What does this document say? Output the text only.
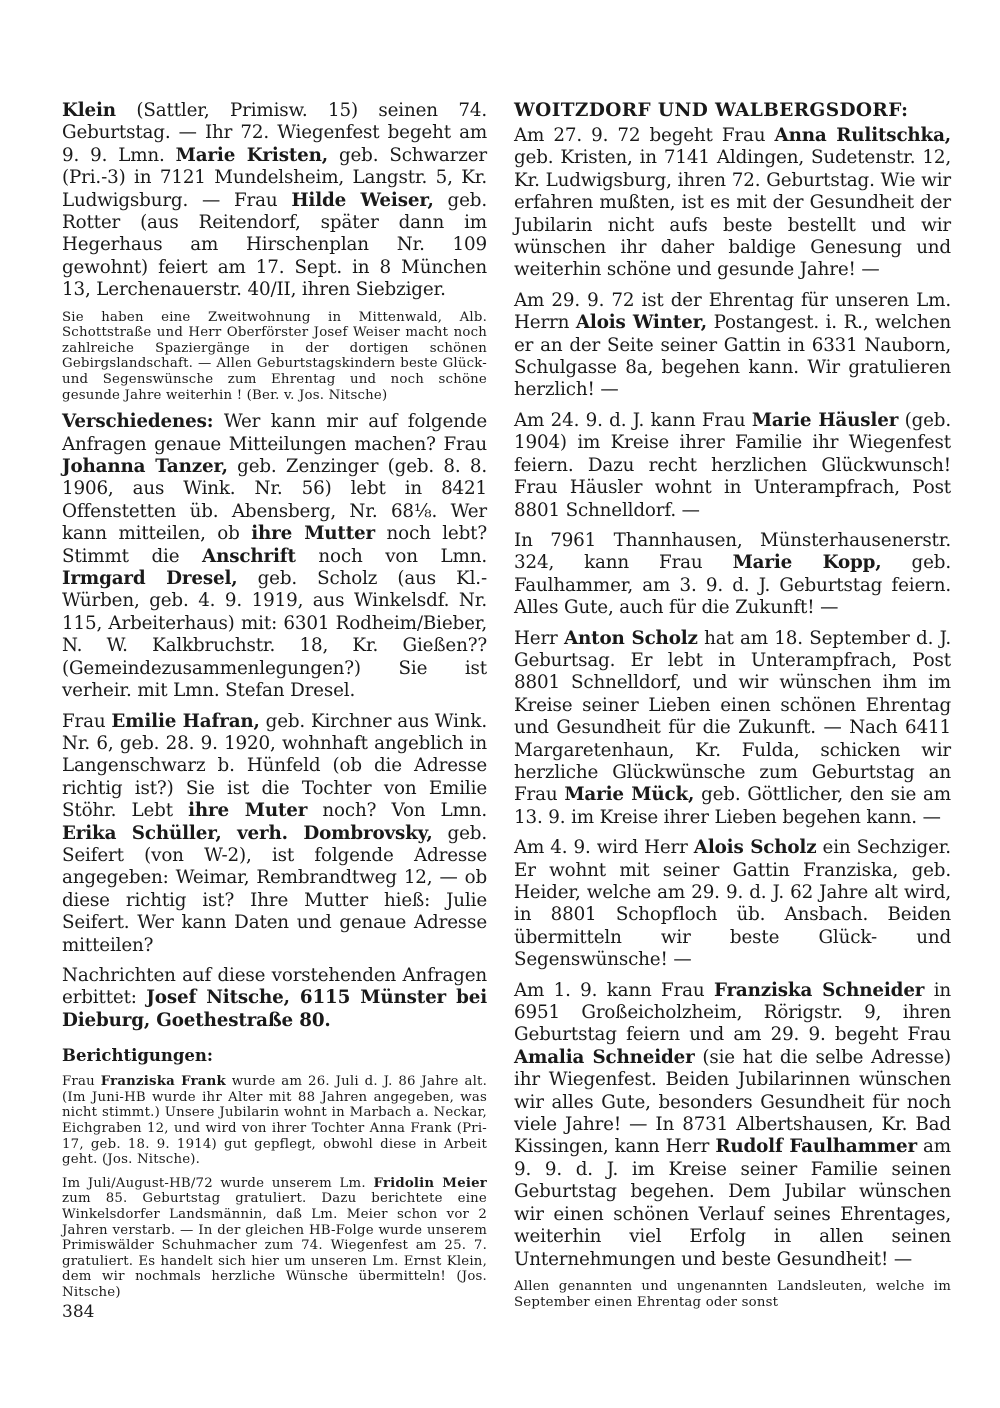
Klein (Sattler, Primisw. 15) seinen 74. Geburtstag. — Ihr 72. Wiegenfest begeht am 9. 9. Lmn. Marie Kristen, geb. Schwarzer (Pri.-3) in 7121 Mundelsheim, Langstr. 5, Kr. Ludwigsburg. — Frau Hilde Weiser, geb. Rotter (aus Reitendorf, später dann im Hegerhaus am Hirschenplan Nr. 109 gewohnt) feiert am 17. Sept. in 8 München 13, Lerchenauerstr. 40/II, ihren Siebziger.

Sie haben eine Zweitwohnung in Mittenwald, Alb. Schottstraße und Herr Oberförster Josef Weiser macht noch zahlreiche Spaziergänge in der dortigen schönen Gebirgslandschaft. — Allen Geburtstagskindern beste Glück- und Segenswünsche zum Ehrentag und noch schöne gesunde Jahre weiterhin ! (Ber. v. Jos. Nitsche)

Verschiedenes: Wer kann mir auf folgende Anfragen genaue Mitteilungen machen? Frau Johanna Tanzer, geb. Zenzinger (geb. 8. 8. 1906, aus Wink. Nr. 56) lebt in 8421 Offenstetten üb. Abensberg, Nr. 68⅛. Wer kann mitteilen, ob ihre Mutter noch lebt? Stimmt die Anschrift noch von Lmn. Irmgard Dresel, geb. Scholz (aus Kl.-Würben, geb. 4. 9. 1919, aus Winkelsdf. Nr. 115, Arbeiterhaus) mit: 6301 Rodheim/Bieber, N. W. Kalkbruchstr. 18, Kr. Gießen?? (Gemeindezusammenlegungen?) Sie ist verheir. mit Lmn. Stefan Dresel.

Frau Emilie Hafran, geb. Kirchner aus Wink. Nr. 6, geb. 28. 9. 1920, wohnhaft angeblich in Langenschwarz b. Hünfeld (ob die Adresse richtig ist?) Sie ist die Tochter von Emilie Stöhr. Lebt ihre Muter noch? Von Lmn. Erika Schüller, verh. Dombrovsky, geb. Seifert (von W-2), ist folgende Adresse angegeben: Weimar, Rembrandtweg 12, — ob diese richtig ist? Ihre Mutter hieß: Julie Seifert. Wer kann Daten und genaue Adresse mitteilen?

Nachrichten auf diese vorstehenden Anfragen erbittet: Josef Nitsche, 6115 Münster bei Dieburg, Goethestraße 80.

Berichtigungen:

Frau Franziska Frank wurde am 26. Juli d. J. 86 Jahre alt. (Im Juni-HB wurde ihr Alter mit 88 Jahren angegeben, was nicht stimmt.) Unsere Jubilarin wohnt in Marbach a. Neckar, Eichgraben 12, und wird von ihrer Tochter Anna Frank (Pri-17, geb. 18. 9. 1914) gut gepflegt, obwohl diese in Arbeit geht. (Jos. Nitsche).

Im Juli/August-HB/72 wurde unserem Lm. Fridolin Meier zum 85. Geburtstag gratuliert. Dazu berichtete eine Winkelsdorfer Landsmännin, daß Lm. Meier schon vor 2 Jahren verstarb. — In der gleichen HB-Folge wurde unserem Primiswälder Schuhmacher zum 74. Wiegenfest am 25. 7. gratuliert. Es handelt sich hier um unseren Lm. Ernst Klein, dem wir nochmals herzliche Wünsche übermitteln! (Jos. Nitsche)

WOITZDORF UND WALBERGSDORF:

Am 27. 9. 72 begeht Frau Anna Rulitschka, geb. Kristen, in 7141 Aldingen, Sudetenstr. 12, Kr. Ludwigsburg, ihren 72. Geburtstag. Wie wir erfahren mußten, ist es mit der Gesundheit der Jubilarin nicht aufs beste bestellt und wir wünschen ihr daher baldige Genesung und weiterhin schöne und gesunde Jahre! —

Am 29. 9. 72 ist der Ehrentag für unseren Lm. Herrn Alois Winter, Postangest. i. R., welchen er an der Seite seiner Gattin in 6331 Nauborn, Schulgasse 8a, begehen kann. Wir gratulieren herzlich! —

Am 24. 9. d. J. kann Frau Marie Häusler (geb. 1904) im Kreise ihrer Familie ihr Wiegenfest feiern. Dazu recht herzlichen Glückwunsch! Frau Häusler wohnt in Unterampfrach, Post 8801 Schnelldorf. —

In 7961 Thannhausen, Münsterhausenerstr. 324, kann Frau Marie Kopp, geb. Faulhammer, am 3. 9. d. J. Geburtstag feiern. Alles Gute, auch für die Zukunft! —

Herr Anton Scholz hat am 18. September d. J. Geburtsag. Er lebt in Unterampfrach, Post 8801 Schnelldorf, und wir wünschen ihm im Kreise seiner Lieben einen schönen Ehrentag und Gesundheit für die Zukunft. — Nach 6411 Margaretenhaun, Kr. Fulda, schicken wir herzliche Glückwünsche zum Geburtstag an Frau Marie Mück, geb. Göttlicher, den sie am 13. 9. im Kreise ihrer Lieben begehen kann. —

Am 4. 9. wird Herr Alois Scholz ein Sechziger. Er wohnt mit seiner Gattin Franziska, geb. Heider, welche am 29. 9. d. J. 62 Jahre alt wird, in 8801 Schopfloch üb. Ansbach. Beiden übermitteln wir beste Glück- und Segenswünsche! —

Am 1. 9. kann Frau Franziska Schneider in 6951 Großeicholzheim, Rörigstr. 9, ihren Geburtstag feiern und am 29. 9. begeht Frau Amalia Schneider (sie hat die selbe Adresse) ihr Wiegenfest. Beiden Jubilarinnen wünschen wir alles Gute, besonders Gesundheit für noch viele Jahre! — In 8731 Albertshausen, Kr. Bad Kissingen, kann Herr Rudolf Faulhammer am 9. 9. d. J. im Kreise seiner Familie seinen Geburtstag begehen. Dem Jubilar wünschen wir einen schönen Verlauf seines Ehrentages, weiterhin viel Erfolg in allen seinen Unternehmungen und beste Gesundheit! —

Allen genannten und ungenannten Landsleuten, welche im September einen Ehrentag oder sonst

384
